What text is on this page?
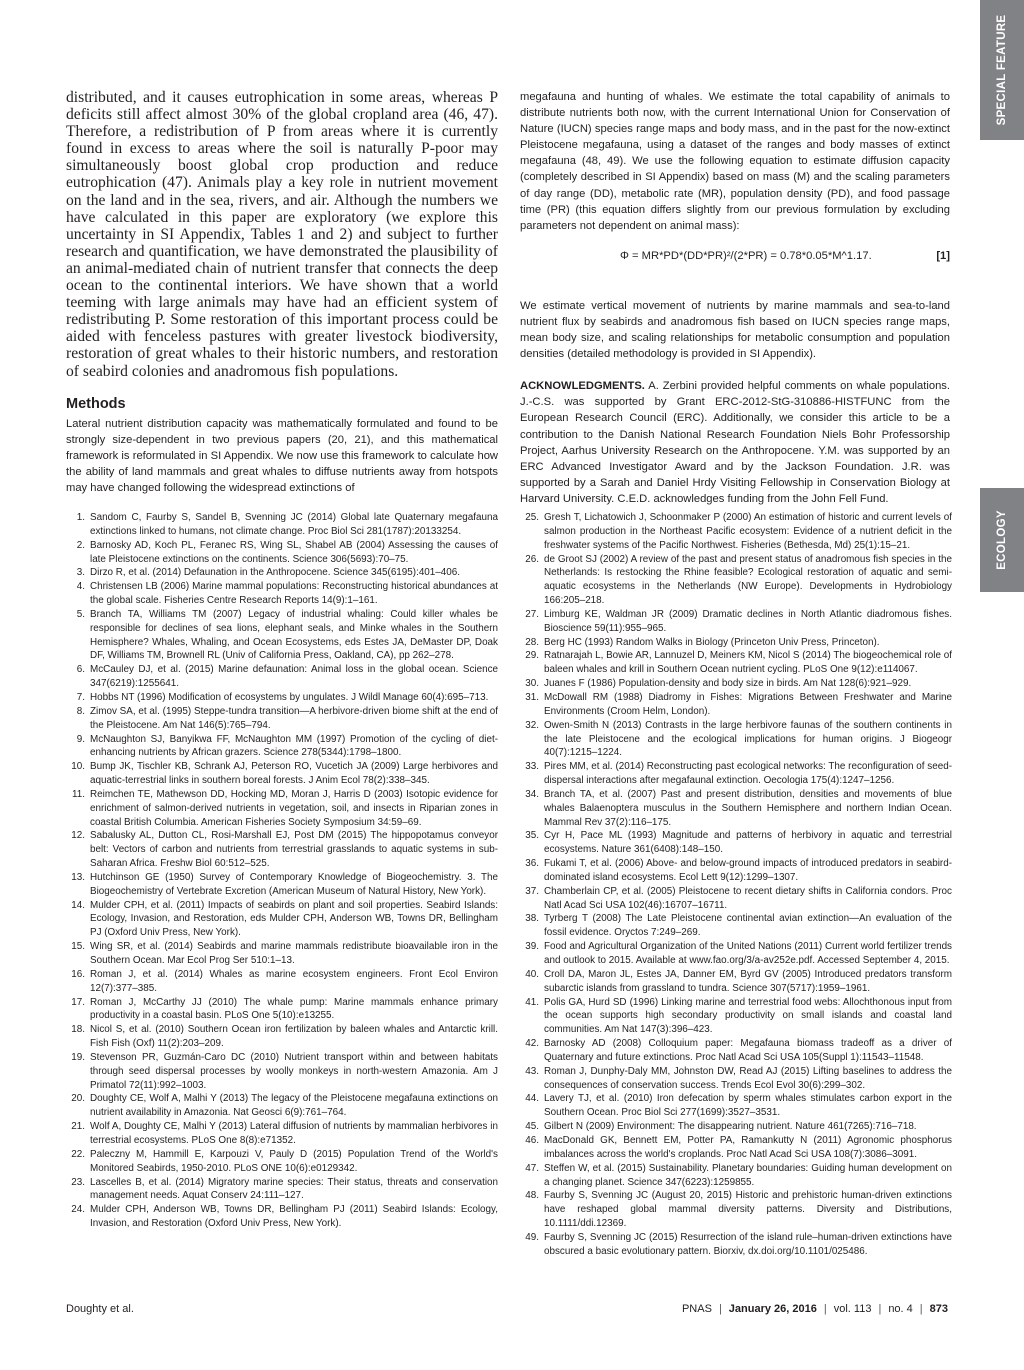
SPECIAL FEATURE
ECOLOGY

distributed, and it causes eutrophication in some areas, whereas P deficits still affect almost 30% of the global cropland area (46, 47). Therefore, a redistribution of P from areas where it is currently found in excess to areas where the soil is naturally P-poor may simultaneously boost global crop production and reduce eutrophication (47). Animals play a key role in nutrient movement on the land and in the sea, rivers, and air. Although the numbers we have calculated in this paper are exploratory (we explore this uncertainty in SI Appendix, Tables 1 and 2) and subject to further research and quantification, we have demonstrated the plausibility of an animal-mediated chain of nutrient transfer that connects the deep ocean to the continental interiors. We have shown that a world teeming with large animals may have had an efficient system of redistributing P. Some restoration of this important process could be aided with fenceless pastures with greater livestock biodiversity, restoration of great whales to their historic numbers, and restoration of seabird colonies and anadromous fish populations.

Methods

Lateral nutrient distribution capacity was mathematically formulated and found to be strongly size-dependent in two previous papers (20, 21), and this mathematical framework is reformulated in SI Appendix. We now use this framework to calculate how the ability of land mammals and great whales to diffuse nutrients away from hotspots may have changed following the widespread extinctions of

megafauna and hunting of whales. We estimate the total capability of animals to distribute nutrients both now, with the current International Union for Conservation of Nature (IUCN) species range maps and body mass, and in the past for the now-extinct Pleistocene megafauna, using a dataset of the ranges and body masses of extinct megafauna (48, 49). We use the following equation to estimate diffusion capacity (completely described in SI Appendix) based on mass (M) and the scaling parameters of day range (DD), metabolic rate (MR), population density (PD), and food passage time (PR) (this equation differs slightly from our previous formulation by excluding parameters not dependent on animal mass):

Φ = MR*PD*(DD*PR)²/(2*PR) = 0.78*0.05*M^1.17.	[1]

We estimate vertical movement of nutrients by marine mammals and sea-to-land nutrient flux by seabirds and anadromous fish based on IUCN species range maps, mean body size, and scaling relationships for metabolic consumption and population densities (detailed methodology is provided in SI Appendix).

ACKNOWLEDGMENTS. A. Zerbini provided helpful comments on whale populations. J.-C.S. was supported by Grant ERC-2012-StG-310886-HISTFUNC from the European Research Council (ERC). Additionally, we consider this article to be a contribution to the Danish National Research Foundation Niels Bohr Professorship Project, Aarhus University Research on the Anthropocene. Y.M. was supported by an ERC Advanced Investigator Award and by the Jackson Foundation. J.R. was supported by a Sarah and Daniel Hrdy Visiting Fellowship in Conservation Biology at Harvard University. C.E.D. acknowledges funding from the John Fell Fund.

1. Sandom C, Faurby S, Sandel B, Svenning JC (2014) Global late Quaternary megafauna extinctions linked to humans, not climate change. Proc Biol Sci 281(1787):20133254.
2. Barnosky AD, Koch PL, Feranec RS, Wing SL, Shabel AB (2004) Assessing the causes of late Pleistocene extinctions on the continents. Science 306(5693):70–75.
3. Dirzo R, et al. (2014) Defaunation in the Anthropocene. Science 345(6195):401–406.
4. Christensen LB (2006) Marine mammal populations: Reconstructing historical abundances at the global scale. Fisheries Centre Research Reports 14(9):1–161.
5. Branch TA, Williams TM (2007) Legacy of industrial whaling: Could killer whales be responsible for declines of sea lions, elephant seals, and Minke whales in the Southern Hemisphere? Whales, Whaling, and Ocean Ecosystems, eds Estes JA, DeMaster DP, Doak DF, Williams TM, Brownell RL (Univ of California Press, Oakland, CA), pp 262–278.
6. McCauley DJ, et al. (2015) Marine defaunation: Animal loss in the global ocean. Science 347(6219):1255641.
7. Hobbs NT (1996) Modification of ecosystems by ungulates. J Wildl Manage 60(4):695–713.
8. Zimov SA, et al. (1995) Steppe-tundra transition—A herbivore-driven biome shift at the end of the Pleistocene. Am Nat 146(5):765–794.
9. McNaughton SJ, Banyikwa FF, McNaughton MM (1997) Promotion of the cycling of diet-enhancing nutrients by African grazers. Science 278(5344):1798–1800.
10. Bump JK, Tischler KB, Schrank AJ, Peterson RO, Vucetich JA (2009) Large herbivores and aquatic-terrestrial links in southern boreal forests. J Anim Ecol 78(2):338–345.
11. Reimchen TE, Mathewson DD, Hocking MD, Moran J, Harris D (2003) Isotopic evidence for enrichment of salmon-derived nutrients in vegetation, soil, and insects in Riparian zones in coastal British Columbia. American Fisheries Society Symposium 34:59–69.
12. Sabalusky AL, Dutton CL, Rosi-Marshall EJ, Post DM (2015) The hippopotamus conveyor belt: Vectors of carbon and nutrients from terrestrial grasslands to aquatic systems in sub-Saharan Africa. Freshw Biol 60:512–525.
13. Hutchinson GE (1950) Survey of Contemporary Knowledge of Biogeochemistry. 3. The Biogeochemistry of Vertebrate Excretion (American Museum of Natural History, New York).
14. Mulder CPH, et al. (2011) Impacts of seabirds on plant and soil properties. Seabird Islands: Ecology, Invasion, and Restoration, eds Mulder CPH, Anderson WB, Towns DR, Bellingham PJ (Oxford Univ Press, New York).
15. Wing SR, et al. (2014) Seabirds and marine mammals redistribute bioavailable iron in the Southern Ocean. Mar Ecol Prog Ser 510:1–13.
16. Roman J, et al. (2014) Whales as marine ecosystem engineers. Front Ecol Environ 12(7):377–385.
17. Roman J, McCarthy JJ (2010) The whale pump: Marine mammals enhance primary productivity in a coastal basin. PLoS One 5(10):e13255.
18. Nicol S, et al. (2010) Southern Ocean iron fertilization by baleen whales and Antarctic krill. Fish Fish (Oxf) 11(2):203–209.
19. Stevenson PR, Guzmán-Caro DC (2010) Nutrient transport within and between habitats through seed dispersal processes by woolly monkeys in north-western Amazonia. Am J Primatol 72(11):992–1003.
20. Doughty CE, Wolf A, Malhi Y (2013) The legacy of the Pleistocene megafauna extinctions on nutrient availability in Amazonia. Nat Geosci 6(9):761–764.
21. Wolf A, Doughty CE, Malhi Y (2013) Lateral diffusion of nutrients by mammalian herbivores in terrestrial ecosystems. PLoS One 8(8):e71352.
22. Paleczny M, Hammill E, Karpouzi V, Pauly D (2015) Population Trend of the World's Monitored Seabirds, 1950-2010. PLoS ONE 10(6):e0129342.
23. Lascelles B, et al. (2014) Migratory marine species: Their status, threats and conservation management needs. Aquat Conserv 24:111–127.
24. Mulder CPH, Anderson WB, Towns DR, Bellingham PJ (2011) Seabird Islands: Ecology, Invasion, and Restoration (Oxford Univ Press, New York).
25. Gresh T, Lichatowich J, Schoonmaker P (2000) An estimation of historic and current levels of salmon production in the Northeast Pacific ecosystem: Evidence of a nutrient deficit in the freshwater systems of the Pacific Northwest. Fisheries (Bethesda, Md) 25(1):15–21.
26. de Groot SJ (2002) A review of the past and present status of anadromous fish species in the Netherlands: Is restocking the Rhine feasible? Ecological restoration of aquatic and semi-aquatic ecosystems in the Netherlands (NW Europe). Developments in Hydrobiology 166:205–218.
27. Limburg KE, Waldman JR (2009) Dramatic declines in North Atlantic diadromous fishes. Bioscience 59(11):955–965.
28. Berg HC (1993) Random Walks in Biology (Princeton Univ Press, Princeton).
29. Ratnarajah L, Bowie AR, Lannuzel D, Meiners KM, Nicol S (2014) The biogeochemical role of baleen whales and krill in Southern Ocean nutrient cycling. PLoS One 9(12):e114067.
30. Juanes F (1986) Population-density and body size in birds. Am Nat 128(6):921–929.
31. McDowall RM (1988) Diadromy in Fishes: Migrations Between Freshwater and Marine Environments (Croom Helm, London).
32. Owen-Smith N (2013) Contrasts in the large herbivore faunas of the southern continents in the late Pleistocene and the ecological implications for human origins. J Biogeogr 40(7):1215–1224.
33. Pires MM, et al. (2014) Reconstructing past ecological networks: The reconfiguration of seed-dispersal interactions after megafaunal extinction. Oecologia 175(4):1247–1256.
34. Branch TA, et al. (2007) Past and present distribution, densities and movements of blue whales Balaenoptera musculus in the Southern Hemisphere and northern Indian Ocean. Mammal Rev 37(2):116–175.
35. Cyr H, Pace ML (1993) Magnitude and patterns of herbivory in aquatic and terrestrial ecosystems. Nature 361(6408):148–150.
36. Fukami T, et al. (2006) Above- and below-ground impacts of introduced predators in seabird-dominated island ecosystems. Ecol Lett 9(12):1299–1307.
37. Chamberlain CP, et al. (2005) Pleistocene to recent dietary shifts in California condors. Proc Natl Acad Sci USA 102(46):16707–16711.
38. Tyrberg T (2008) The Late Pleistocene continental avian extinction—An evaluation of the fossil evidence. Oryctos 7:249–269.
39. Food and Agricultural Organization of the United Nations (2011) Current world fertilizer trends and outlook to 2015. Available at www.fao.org/3/a-av252e.pdf. Accessed September 4, 2015.
40. Croll DA, Maron JL, Estes JA, Danner EM, Byrd GV (2005) Introduced predators transform subarctic islands from grassland to tundra. Science 307(5717):1959–1961.
41. Polis GA, Hurd SD (1996) Linking marine and terrestrial food webs: Allochthonous input from the ocean supports high secondary productivity on small islands and coastal land communities. Am Nat 147(3):396–423.
42. Barnosky AD (2008) Colloquium paper: Megafauna biomass tradeoff as a driver of Quaternary and future extinctions. Proc Natl Acad Sci USA 105(Suppl 1):11543–11548.
43. Roman J, Dunphy-Daly MM, Johnston DW, Read AJ (2015) Lifting baselines to address the consequences of conservation success. Trends Ecol Evol 30(6):299–302.
44. Lavery TJ, et al. (2010) Iron defecation by sperm whales stimulates carbon export in the Southern Ocean. Proc Biol Sci 277(1699):3527–3531.
45. Gilbert N (2009) Environment: The disappearing nutrient. Nature 461(7265):716–718.
46. MacDonald GK, Bennett EM, Potter PA, Ramankutty N (2011) Agronomic phosphorus imbalances across the world's croplands. Proc Natl Acad Sci USA 108(7):3086–3091.
47. Steffen W, et al. (2015) Sustainability. Planetary boundaries: Guiding human development on a changing planet. Science 347(6223):1259855.
48. Faurby S, Svenning JC (August 20, 2015) Historic and prehistoric human-driven extinctions have reshaped global mammal diversity patterns. Diversity and Distributions, 10.1111/ddi.12369.
49. Faurby S, Svenning JC (2015) Resurrection of the island rule–human-driven extinctions have obscured a basic evolutionary pattern. Biorxiv, dx.doi.org/10.1101/025486.
Doughty et al.	PNAS | January 26, 2016 | vol. 113 | no. 4 | 873
